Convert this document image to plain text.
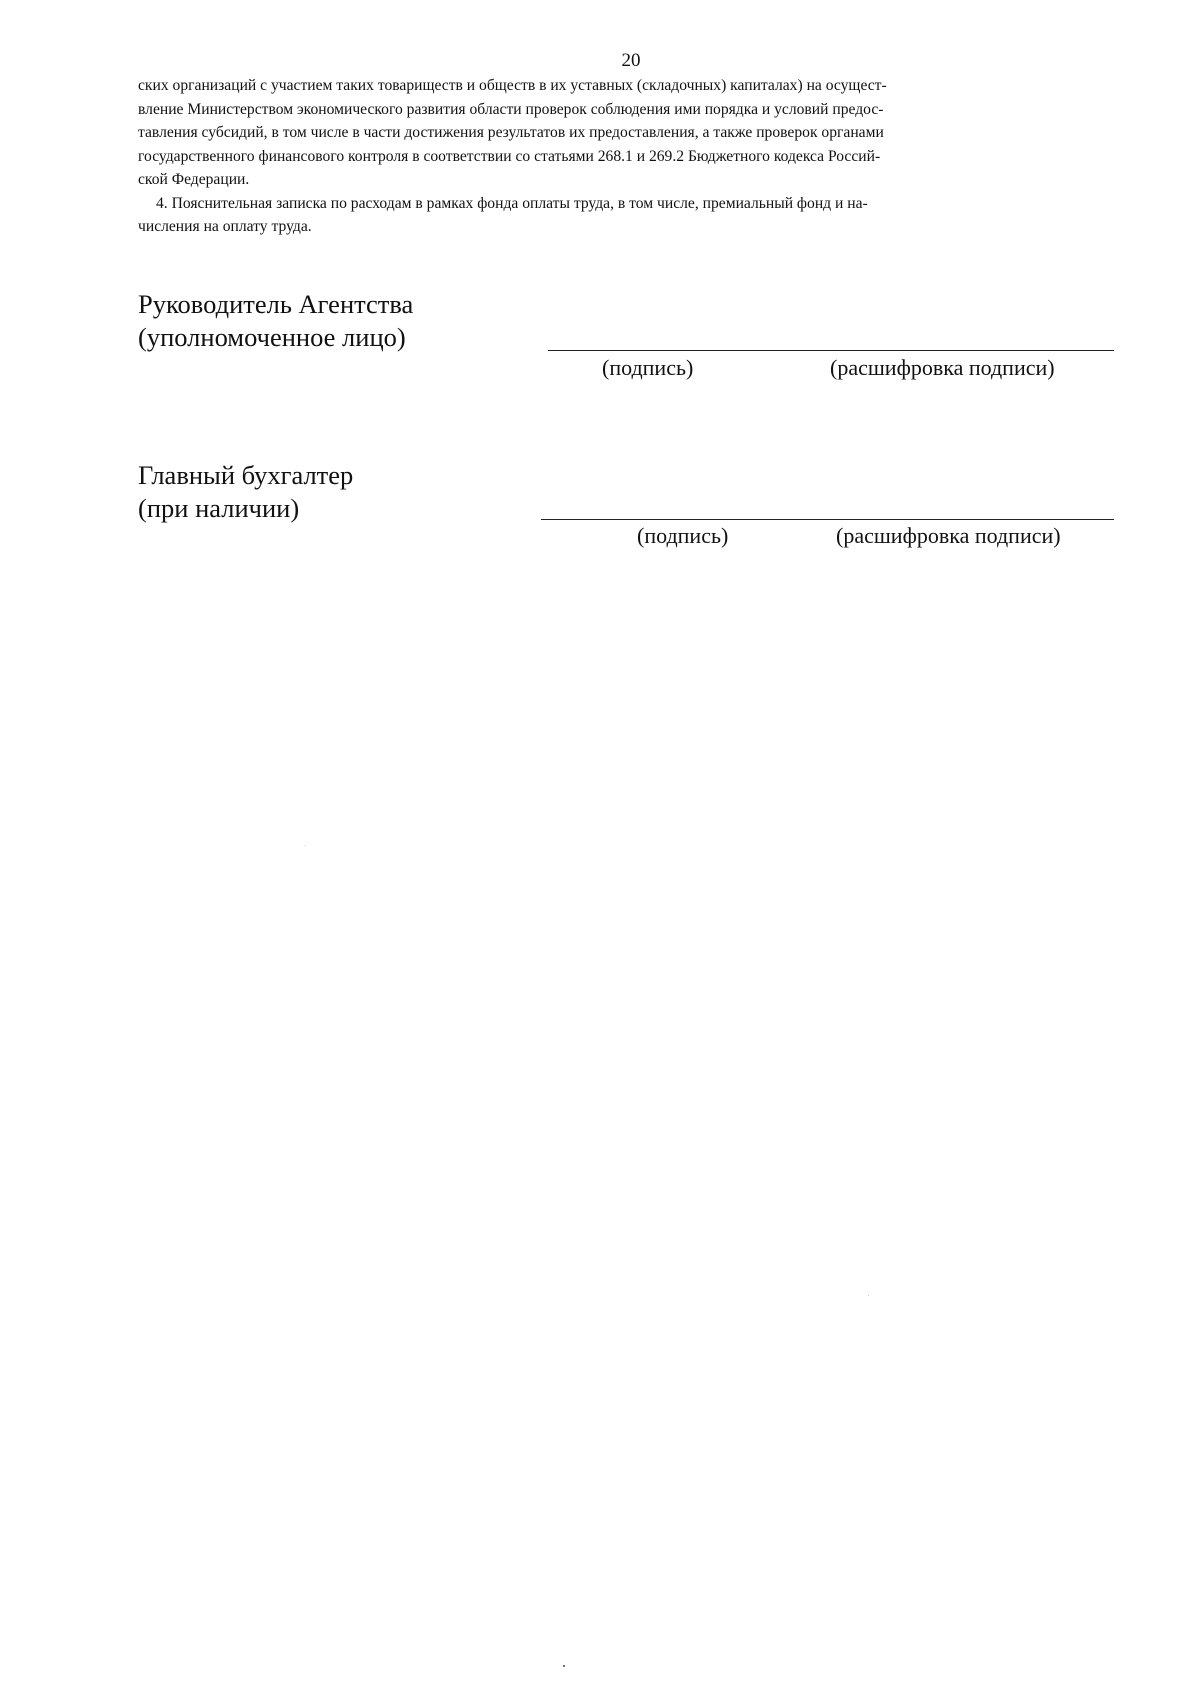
20

ских организаций с участием таких товариществ и обществ в их уставных (складочных) капиталах) на осущест-

вление Министерством экономического развития области проверок соблюдения ими порядка и условий предос-

тавления субсидий, в том числе в части достижения результатов их предоставления, а также проверок органами

государственного финансового контроля в соответствии со статьями 268.1 и 269.2 Бюджетного кодекса Россий-

ской Федерации.

4. Пояснительная записка по расходам в рамках фонда оплаты труда, в том числе, премиальный фонд и на-

числения на оплату труда.

Руководитель Агентства
(уполномоченное лицо)
(подпись)	(расшифровка подписи)
Главный бухгалтер
(при наличии)
(подпись)	(расшифровка подписи)
